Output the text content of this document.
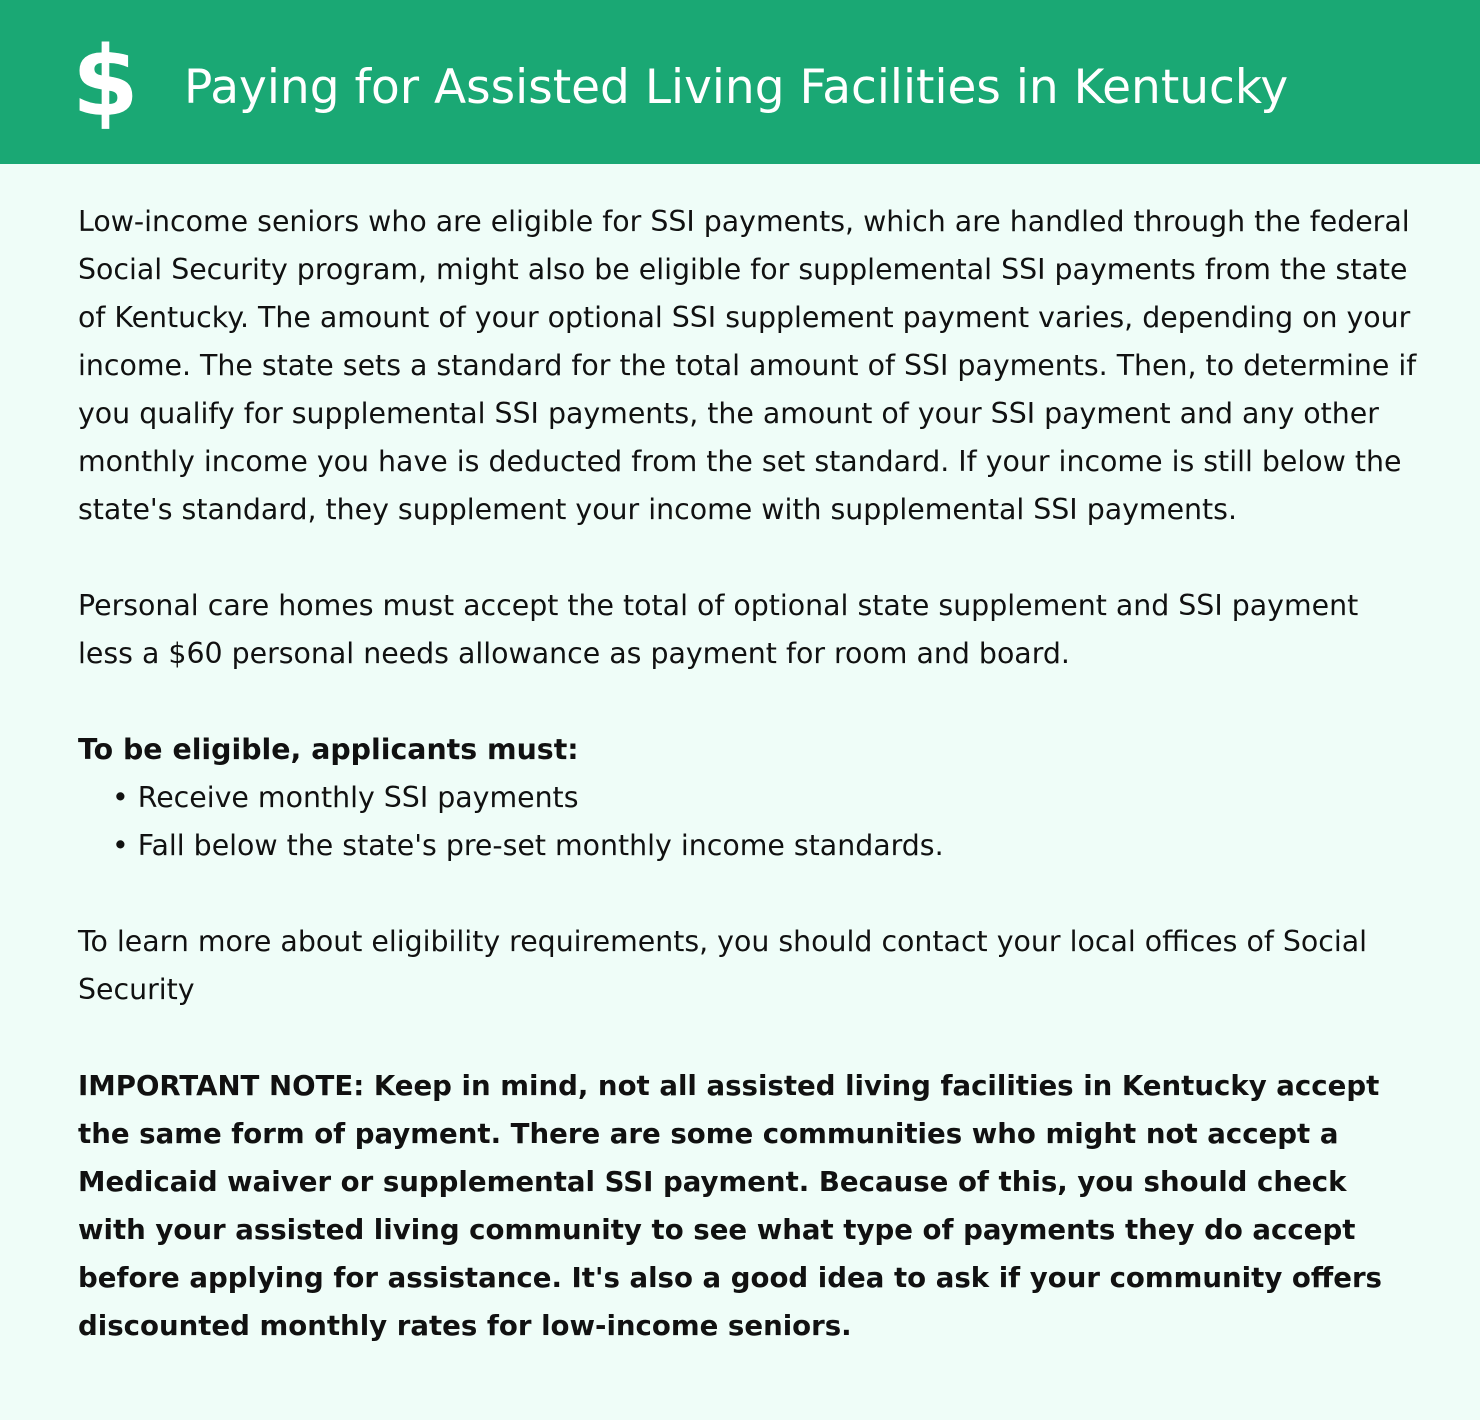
$ Paying for Assisted Living Facilities in Kentucky

Low-income seniors who are eligible for SSI payments, which are handled through the federal Social Security program, might also be eligible for supplemental SSI payments from the state of Kentucky. The amount of your optional SSI supplement payment varies, depending on your income. The state sets a standard for the total amount of SSI payments. Then, to determine if you qualify for supplemental SSI payments, the amount of your SSI payment and any other monthly income you have is deducted from the set standard. If your income is still below the state's standard, they supplement your income with supplemental SSI payments.

Personal care homes must accept the total of optional state supplement and SSI payment less a $60 personal needs allowance as payment for room and board.

To be eligible, applicants must:

• Receive monthly SSI payments
• Fall below the state's pre-set monthly income standards.

To learn more about eligibility requirements, you should contact your local offices of Social Security

IMPORTANT NOTE: Keep in mind, not all assisted living facilities in Kentucky accept the same form of payment. There are some communities who might not accept a Medicaid waiver or supplemental SSI payment. Because of this, you should check with your assisted living community to see what type of payments they do accept before applying for assistance. It's also a good idea to ask if your community offers discounted monthly rates for low-income seniors.
